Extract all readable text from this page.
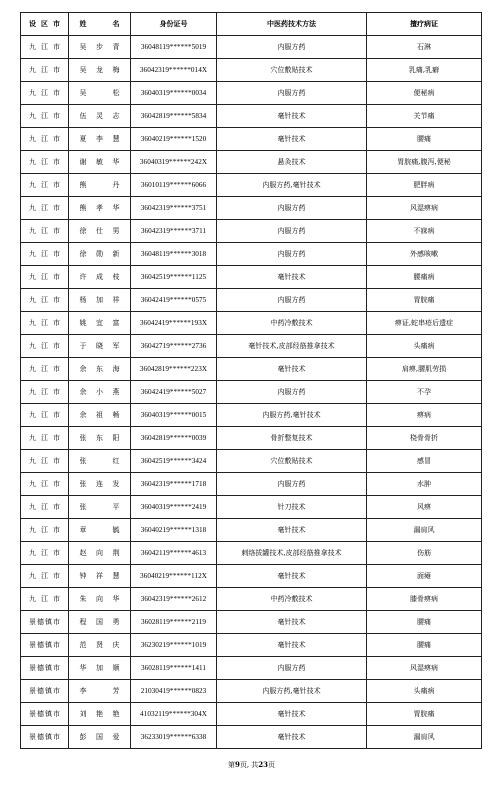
设 区 市	姓 名	身份证号	中医药技术方法	擅疗病证
九 江 市	吴 步 青	36048119******5019	内服方药	石淋
九 江 市	吴 龙 梅	36042319******014X	穴位敷贴技术	乳痛,乳癖
九 江 市	吴 松	36040319******0034	内服方药	便秘病
九 江 市	伍 灵 志	36042819******5834	毫针技术	关节痛
九 江 市	夏 李 慧	36040219******1520	毫针技术	腰痛
九 江 市	谢 敏 华	36040319******242X	悬灸技术	胃脘痛,腹泻,便秘
九 江 市	熊 丹	36010119******6066	内服方药,毫针技术	肥胖病
九 江 市	熊 孝 华	36042319******3751	内服方药	风湿痹病
九 江 市	徐 仕 男	36042319******3711	内服方药	不寐病
九 江 市	徐 勋 新	36048119******3018	内服方药	外感咳嗽
九 江 市	许 成 枝	36042519******1125	毫针技术	腰痛病
九 江 市	杨 加 祥	36042419******0575	内服方药	胃脘痛
九 江 市	姚 宜 富	36042419******193X	中药冷敷技术	痹证,蛇串疮后遗症
九 江 市	于 晓 军	36042719******2736	毫针技术,皮部经筋推拿技术	头痛病
九 江 市	余 东 海	36042819******223X	毫针技术	肩痹,腰肌劳损
九 江 市	余 小 燕	36042419******5027	内服方药	不孕
九 江 市	余 祖 畅	36040319******0015	内服方药,毫针技术	痹病
九 江 市	张 东 阳	36042819******0039	骨折整复技术	桡骨骨折
九 江 市	张 红	36042519******3424	穴位敷贴技术	感冒
九 江 市	张 连 发	36042319******1718	内服方药	水肿
九 江 市	张 平	36040319******2419	针刀技术	风痹
九 江 市	章 毓	36040219******1318	毫针技术	漏肩风
九 江 市	赵 向 荆	36042119******4613	刺络拔罐技术,皮部经筋推拿技术	伤筋
九 江 市	钟 祥 慧	36040219******112X	毫针技术	面瘫
九 江 市	朱 向 华	36042319******2612	中药冷敷技术	膝骨痹病
景德镇市	程 国 勇	36028119******2119	毫针技术	腰痛
景德镇市	范 贤 庆	36230219******1019	毫针技术	腰痛
景德镇市	华 加 顺	36028119******1411	内服方药	风湿痹病
景德镇市	李 芳	21030419******0823	内服方药,毫针技术	头痛病
景德镇市	刘 艳 艳	41032119******304X	毫针技术	胃脘痛
景德镇市	彭 国 爱	36233019******6338	毫针技术	漏肩风
第9页, 共23页
